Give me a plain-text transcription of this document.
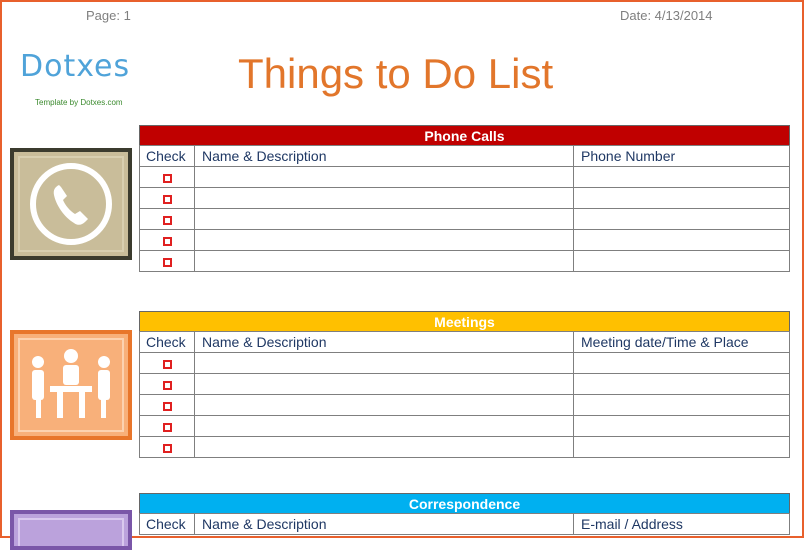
Page: 1	Date: 4/13/2014
Dotxes
Template by Dotxes.com
Things to Do List
Phone Calls
Check	Name & Description	Phone Number

Meetings
Check	Name & Description	Meeting date/Time & Place

Correspondence
Check	Name & Description	E-mail / Address
